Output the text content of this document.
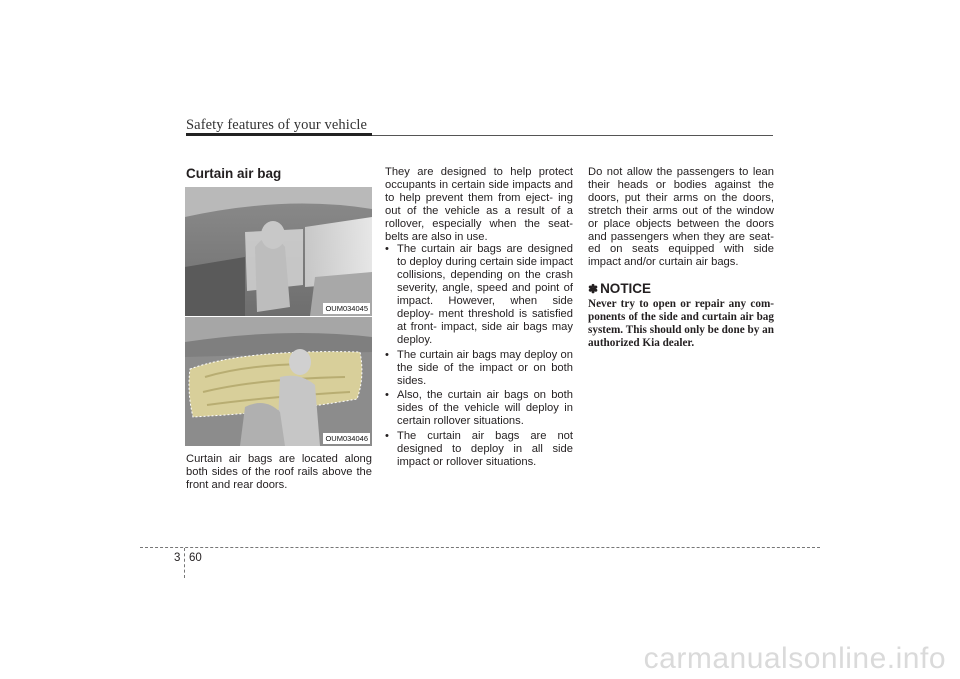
Safety features of your vehicle
Curtain air bag
OUM034045
OUM034046

Curtain air bags are located along both sides of the roof rails above the front and rear doors.

They are designed to help protect occupants in certain side impacts and to help prevent them from eject- ing out of the vehicle as a result of a rollover, especially when the seat- belts are also in use.

• The curtain air bags are designed to deploy during certain side impact collisions, depending on the crash severity, angle, speed and point of impact. However, when side deploy- ment threshold is satisfied at front- impact, side air bags may deploy.
• The curtain air bags may deploy on the side of the impact or on both sides.
• Also, the curtain air bags on both sides of the vehicle will deploy in certain rollover situations.
• The curtain air bags are not designed to deploy in all side impact or rollover situations.

Do not allow the passengers to lean their heads or bodies against the doors, put their arms on the doors, stretch their arms out of the window or place objects between the doors and passengers when they are seat- ed on seats equipped with side impact and/or curtain air bags.

✽ NOTICE
Never try to open or repair any com- ponents of the side and curtain air bag system. This should only be done by an authorized Kia dealer.
3 60
carmanualsonline.info
